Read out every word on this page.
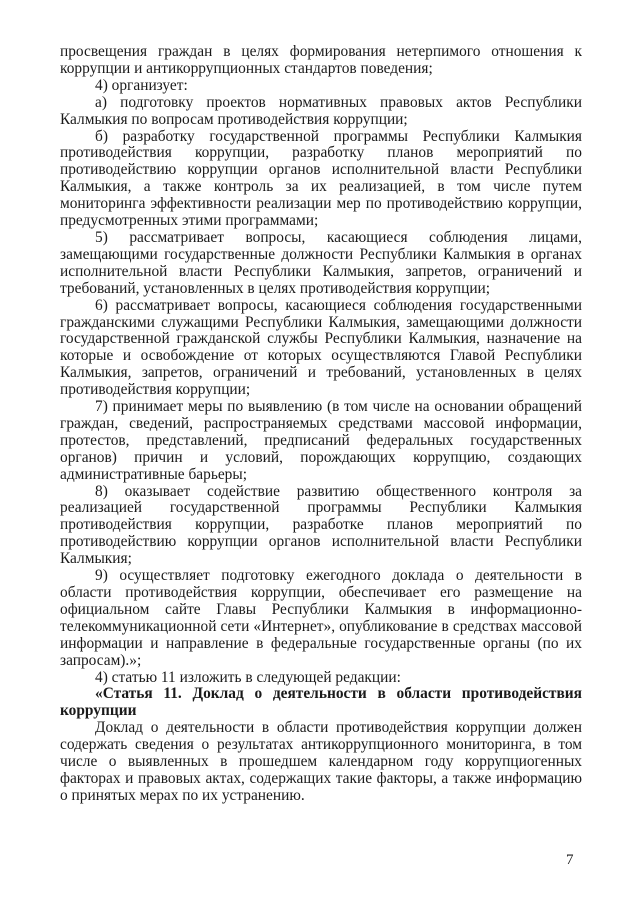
просвещения граждан в целях формирования нетерпимого отношения к коррупции и антикоррупционных стандартов поведения;

4) организует:

а) подготовку проектов нормативных правовых актов Республики Калмыкия по вопросам противодействия коррупции;

б) разработку государственной программы Республики Калмыкия противодействия коррупции, разработку планов мероприятий по противодействию коррупции органов исполнительной власти Республики Калмыкия, а также контроль за их реализацией, в том числе путем мониторинга эффективности реализации мер по противодействию коррупции, предусмотренных этими программами;

5) рассматривает вопросы, касающиеся соблюдения лицами, замещающими государственные должности Республики Калмыкия в органах исполнительной власти Республики Калмыкия, запретов, ограничений и требований, установленных в целях противодействия коррупции;

6) рассматривает вопросы, касающиеся соблюдения государственными гражданскими служащими Республики Калмыкия, замещающими должности государственной гражданской службы Республики Калмыкия, назначение на которые и освобождение от которых осуществляются Главой Республики Калмыкия, запретов, ограничений и требований, установленных в целях противодействия коррупции;

7) принимает меры по выявлению (в том числе на основании обращений граждан, сведений, распространяемых средствами массовой информации, протестов, представлений, предписаний федеральных государственных органов) причин и условий, порождающих коррупцию, создающих административные барьеры;

8) оказывает содействие развитию общественного контроля за реализацией государственной программы Республики Калмыкия противодействия коррупции, разработке планов мероприятий по противодействию коррупции органов исполнительной власти Республики Калмыкия;

9) осуществляет подготовку ежегодного доклада о деятельности в области противодействия коррупции, обеспечивает его размещение на официальном сайте Главы Республики Калмыкия в информационно-телекоммуникационной сети «Интернет», опубликование в средствах массовой информации и направление в федеральные государственные органы (по их запросам).»;

4) статью 11 изложить в следующей редакции:

«Статья 11. Доклад о деятельности в области противодействия коррупции

Доклад о деятельности в области противодействия коррупции должен содержать сведения о результатах антикоррупционного мониторинга, в том числе о выявленных в прошедшем календарном году коррупциогенных факторах и правовых актах, содержащих такие факторы, а также информацию о принятых мерах по их устранению.

7
